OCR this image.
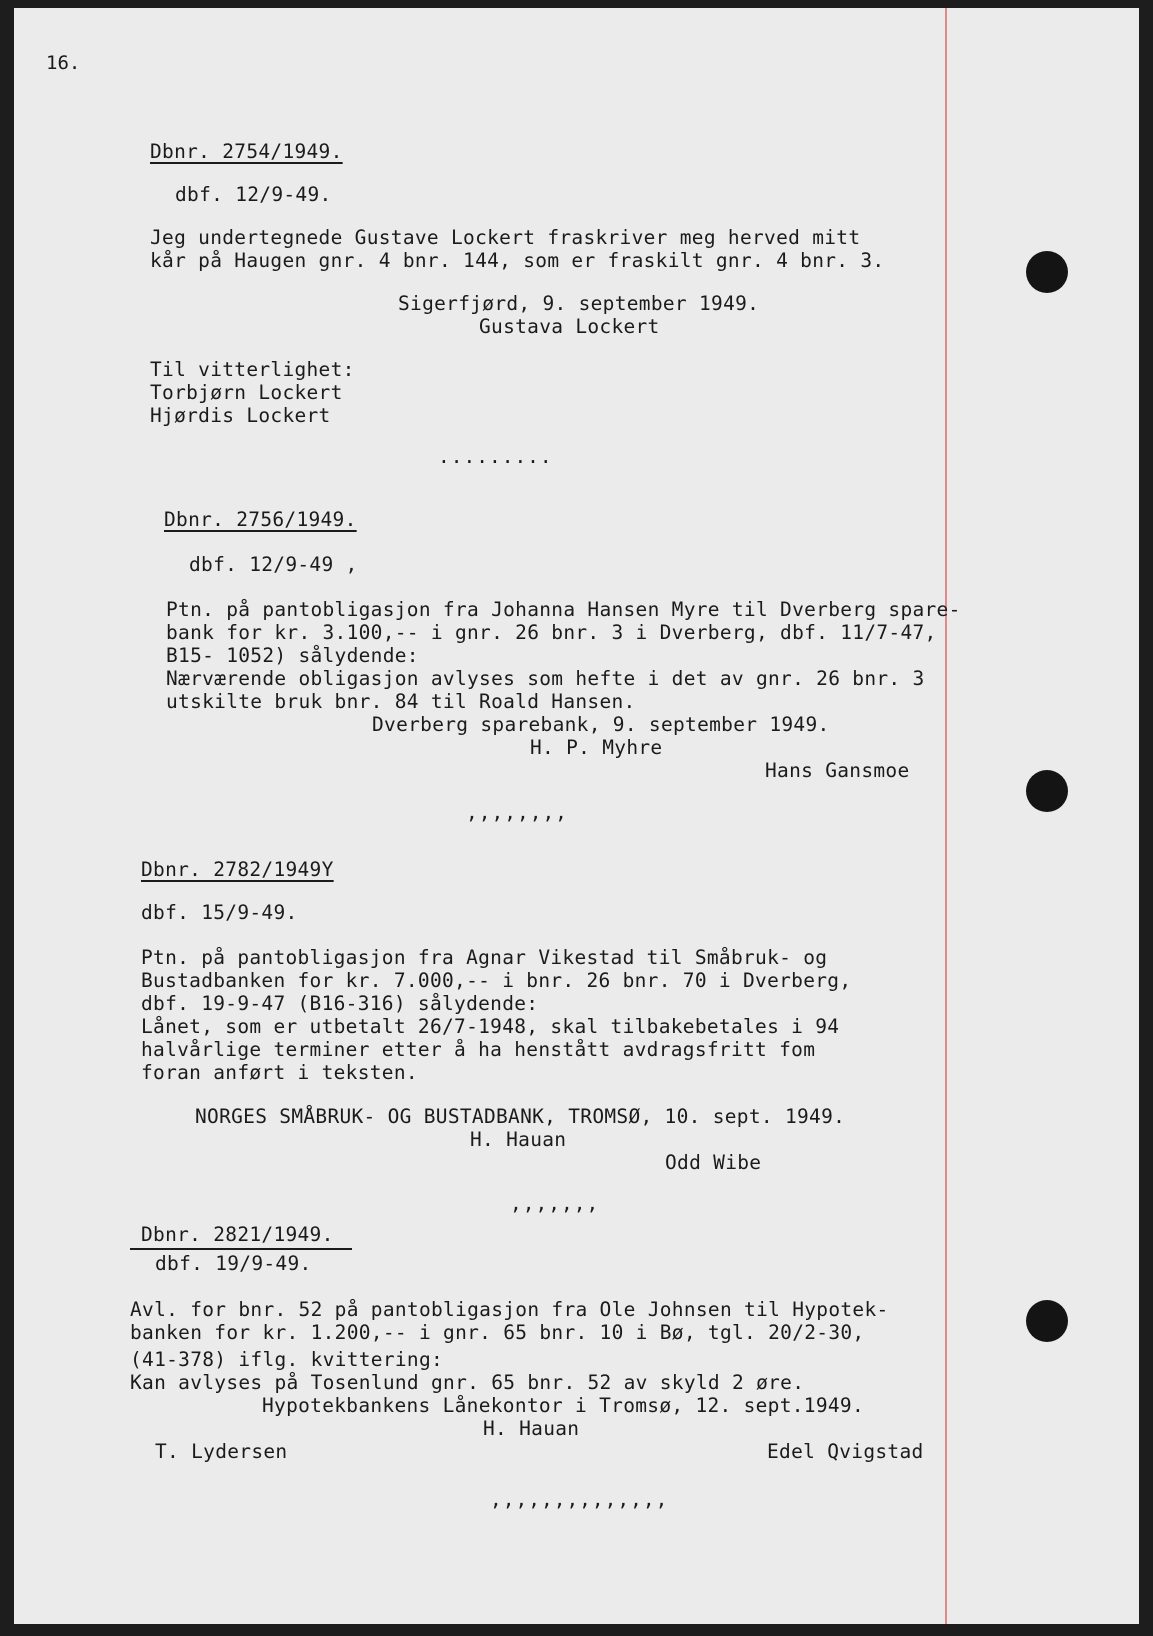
16.
Dbnr. 2754/1949.
dbf. 12/9-49.
Jeg undertegnede Gustave Lockert fraskriver meg herved mitt
kår på Haugen gnr. 4 bnr. 144, som er fraskilt gnr. 4 bnr. 3.
Sigerfjørd, 9. september 1949.
Gustava Lockert
Til vitterlighet:
Torbjørn Lockert
Hjørdis Lockert
.........
Dbnr. 2756/1949.
dbf. 12/9-49 ,
Ptn. på pantobligasjon fra Johanna Hansen Myre til Dverberg spare-
bank for kr. 3.100,-- i gnr. 26 bnr. 3 i Dverberg, dbf. 11/7-47,
B15- 1052) sålydende:
Nærværende obligasjon avlyses som hefte i det av gnr. 26 bnr. 3
utskilte bruk bnr. 84 til Roald Hansen.
Dverberg sparebank, 9. september 1949.
H. P. Myhre
Hans Gansmoe
,,,,,,,,
Dbnr. 2782/1949Y
dbf. 15/9-49.
Ptn. på pantobligasjon fra Agnar Vikestad til Småbruk- og
Bustadbanken for kr. 7.000,-- i bnr. 26 bnr. 70 i Dverberg,
dbf. 19-9-47 (B16-316) sålydende:
Lånet, som er utbetalt 26/7-1948, skal tilbakebetales i 94
halvårlige terminer etter å ha henstått avdragsfritt fom
foran anført i teksten.
NORGES SMÅBRUK- OG BUSTADBANK, TROMSØ, 10. sept. 1949.
H. Hauan
Odd Wibe
,,,,,,,
Dbnr. 2821/1949.
dbf. 19/9-49.
Avl. for bnr. 52 på pantobligasjon fra Ole Johnsen til Hypotek-
banken for kr. 1.200,-- i gnr. 65 bnr. 10 i Bø, tgl. 20/2-30,
(41-378) iflg. kvittering:
Kan avlyses på Tosenlund gnr. 65 bnr. 52 av skyld 2 øre.
Hypotekbankens Lånekontor i Tromsø, 12. sept.1949.
H. Hauan
T. Lydersen	Edel Qvigstad
,,,,,,,,,,,,,,
